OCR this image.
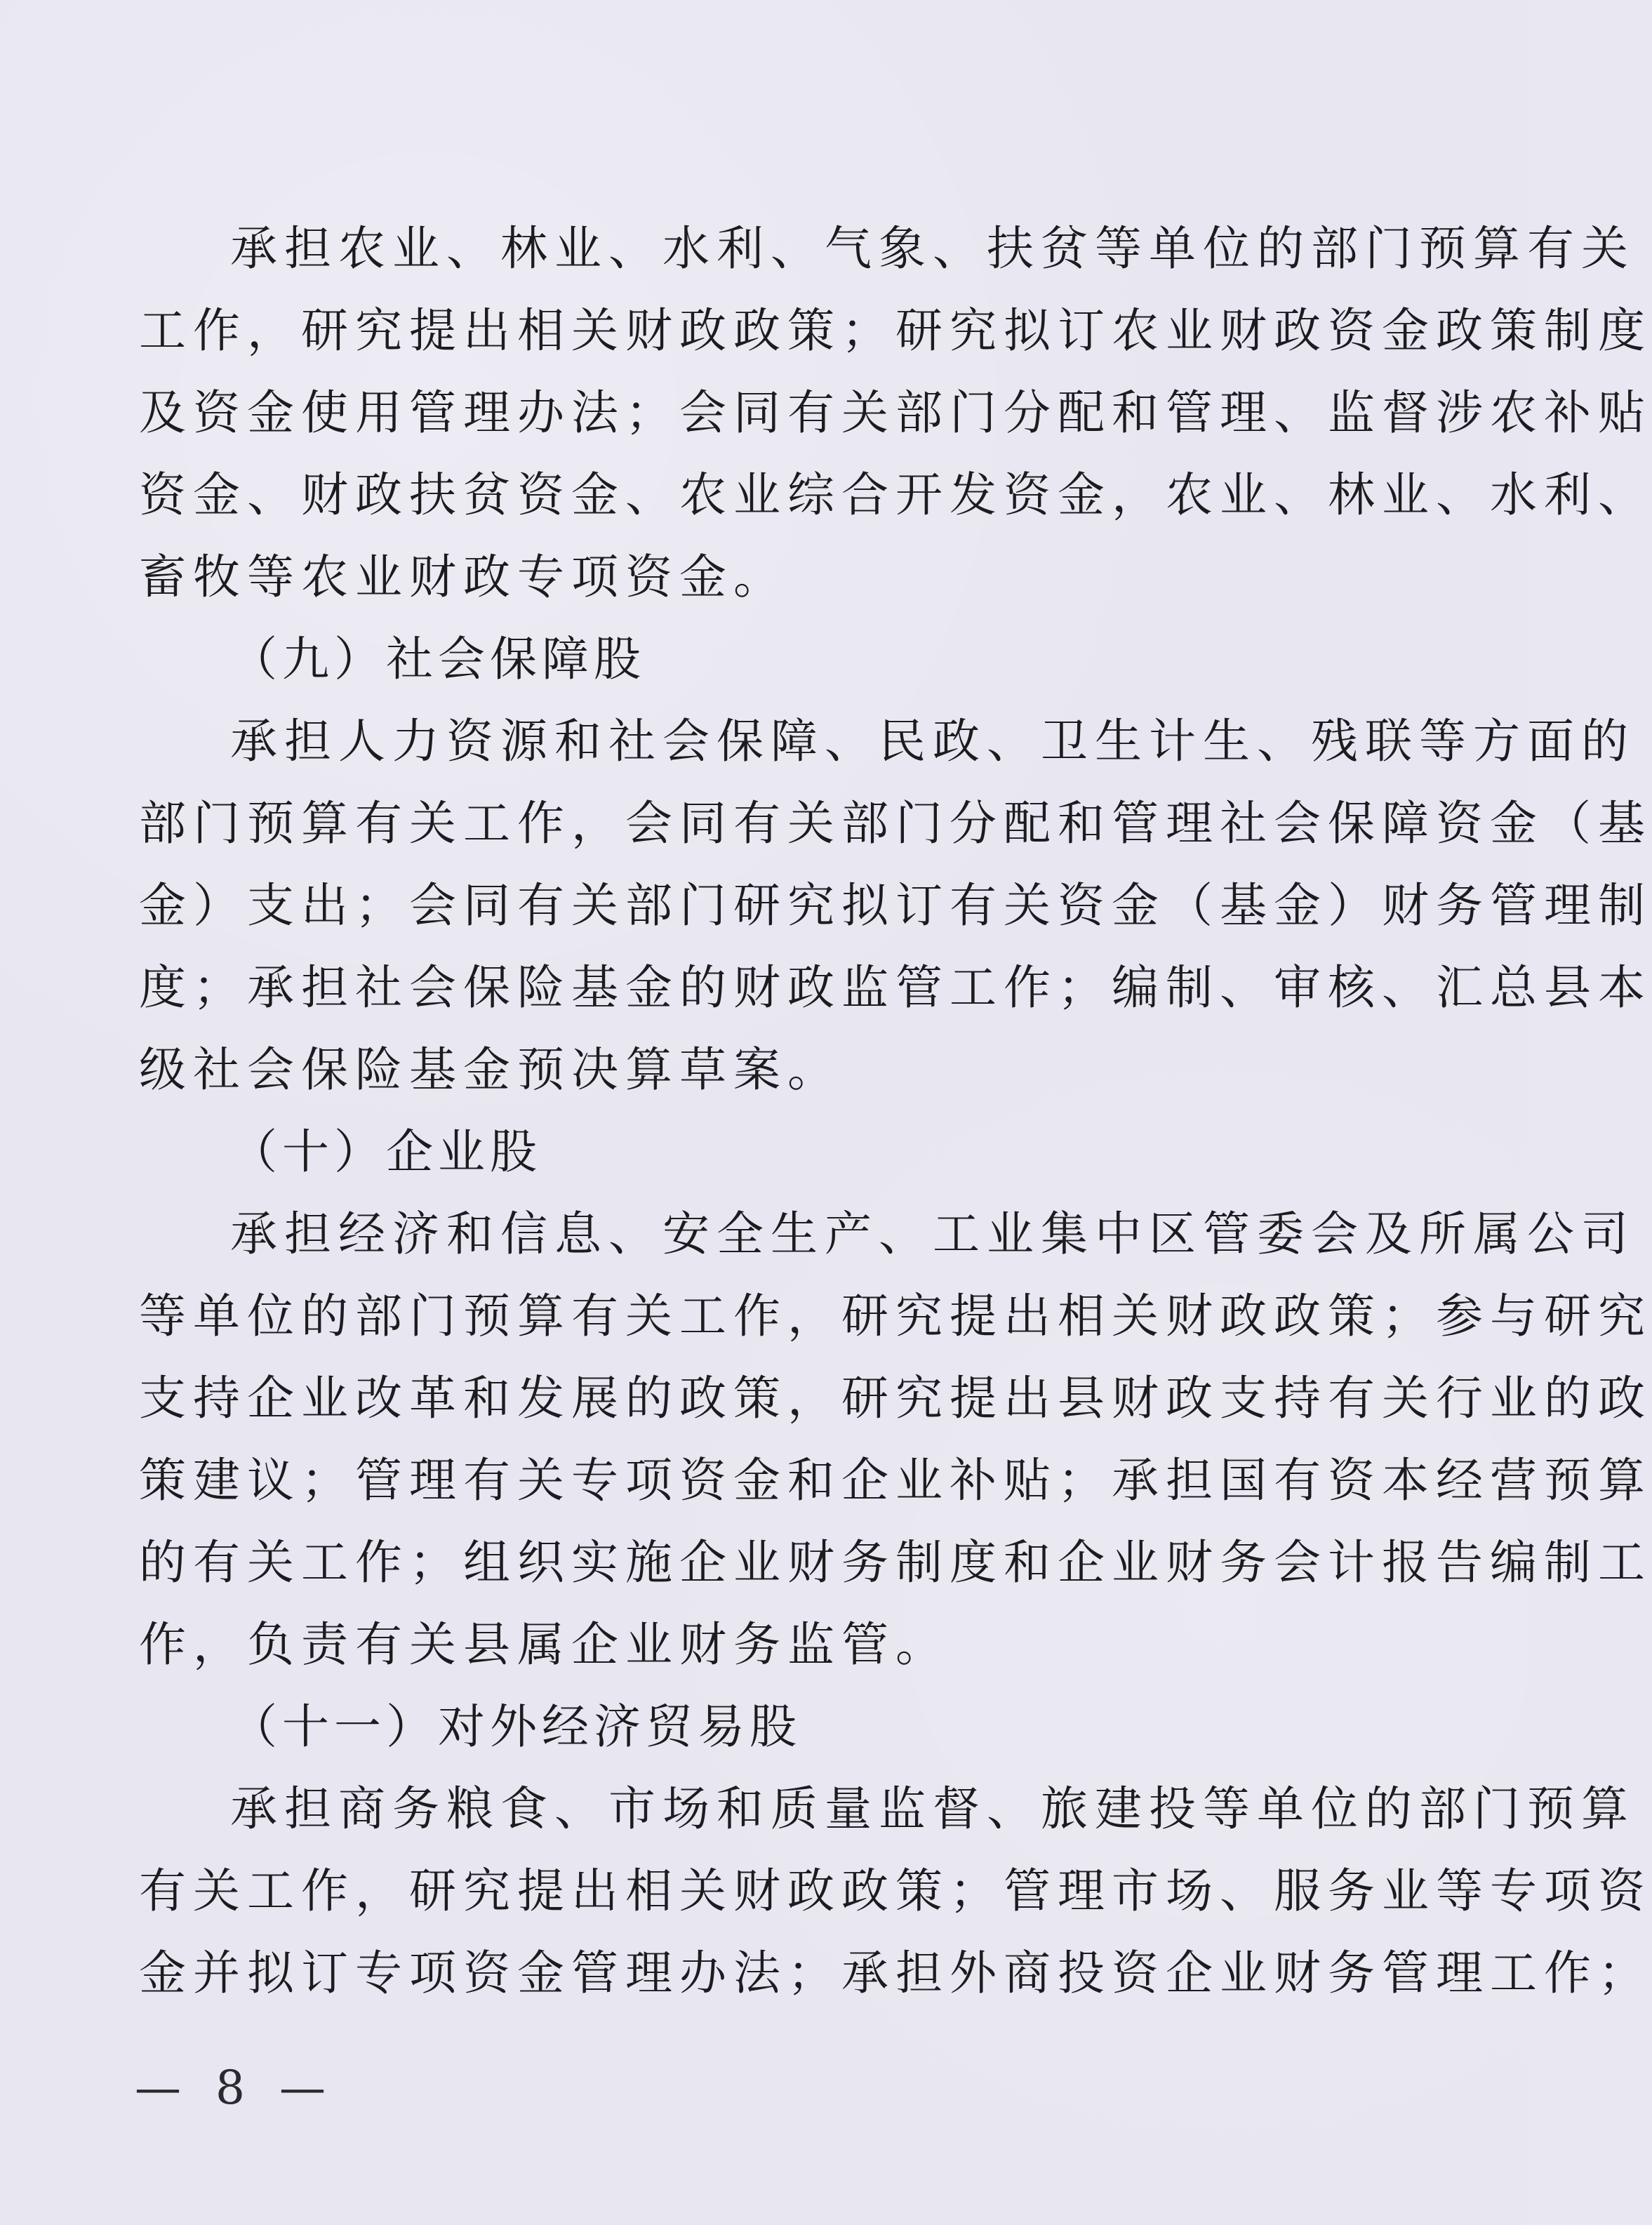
承担农业、林业、水利、气象、扶贫等单位的部门预算有关
工作，研究提出相关财政政策；研究拟订农业财政资金政策制度
及资金使用管理办法；会同有关部门分配和管理、监督涉农补贴
资金、财政扶贫资金、农业综合开发资金，农业、林业、水利、
畜牧等农业财政专项资金。
（九）社会保障股
承担人力资源和社会保障、民政、卫生计生、残联等方面的
部门预算有关工作，会同有关部门分配和管理社会保障资金（基
金）支出；会同有关部门研究拟订有关资金（基金）财务管理制
度；承担社会保险基金的财政监管工作；编制、审核、汇总县本
级社会保险基金预决算草案。
（十）企业股
承担经济和信息、安全生产、工业集中区管委会及所属公司
等单位的部门预算有关工作，研究提出相关财政政策；参与研究
支持企业改革和发展的政策，研究提出县财政支持有关行业的政
策建议；管理有关专项资金和企业补贴；承担国有资本经营预算
的有关工作；组织实施企业财务制度和企业财务会计报告编制工
作，负责有关县属企业财务监管。
（十一）对外经济贸易股
承担商务粮食、市场和质量监督、旅建投等单位的部门预算
有关工作，研究提出相关财政政策；管理市场、服务业等专项资
金并拟订专项资金管理办法；承担外商投资企业财务管理工作；
— 8 —
